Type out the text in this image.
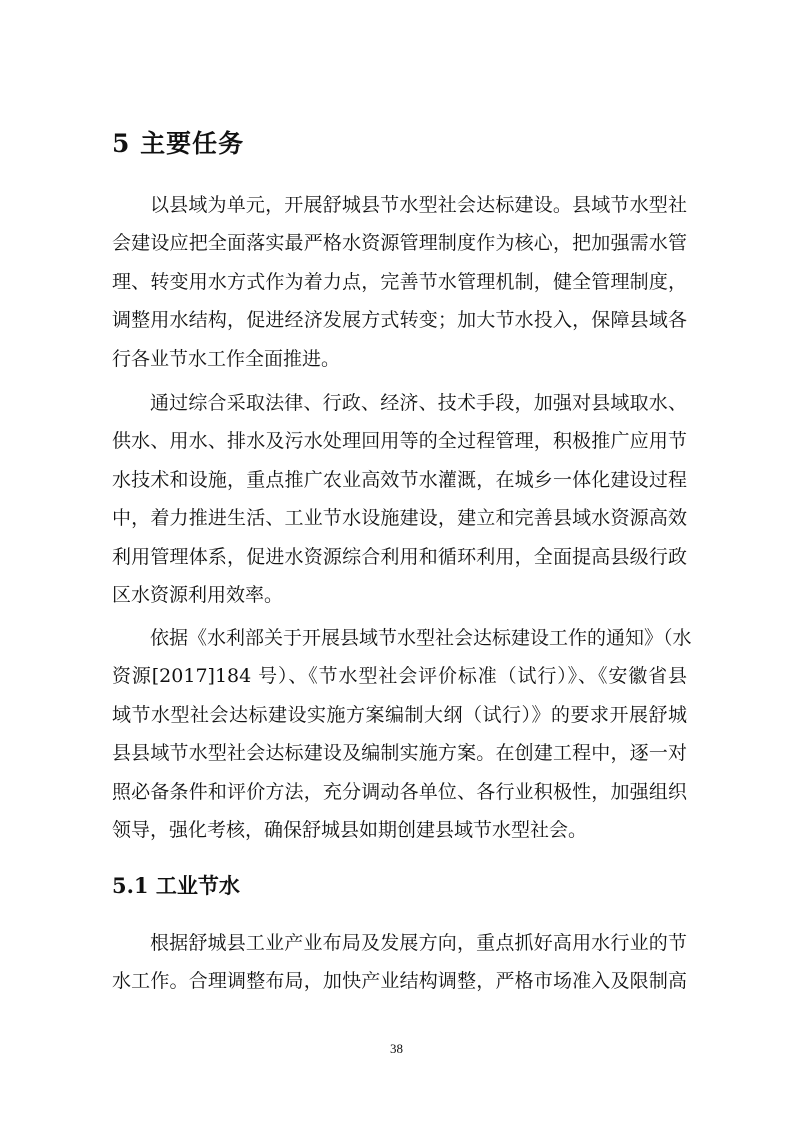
5 主要任务
以县域为单元，开展舒城县节水型社会达标建设。县域节水型社
会建设应把全面落实最严格水资源管理制度作为核心，把加强需水管
理、转变用水方式作为着力点，完善节水管理机制，健全管理制度，
调整用水结构，促进经济发展方式转变；加大节水投入，保障县域各
行各业节水工作全面推进。
通过综合采取法律、行政、经济、技术手段，加强对县域取水、
供水、用水、排水及污水处理回用等的全过程管理，积极推广应用节
水技术和设施，重点推广农业高效节水灌溉，在城乡一体化建设过程
中，着力推进生活、工业节水设施建设，建立和完善县域水资源高效
利用管理体系，促进水资源综合利用和循环利用，全面提高县级行政
区水资源利用效率。
依据《水利部关于开展县域节水型社会达标建设工作的通知》（水
资源[2017]184 号）、《节水型社会评价标准（试行）》、《安徽省县
域节水型社会达标建设实施方案编制大纲（试行）》的要求开展舒城
县县域节水型社会达标建设及编制实施方案。在创建工程中，逐一对
照必备条件和评价方法，充分调动各单位、各行业积极性，加强组织
领导，强化考核，确保舒城县如期创建县域节水型社会。
5.1 工业节水
根据舒城县工业产业布局及发展方向，重点抓好高用水行业的节
水工作。合理调整布局，加快产业结构调整，严格市场准入及限制高
38
